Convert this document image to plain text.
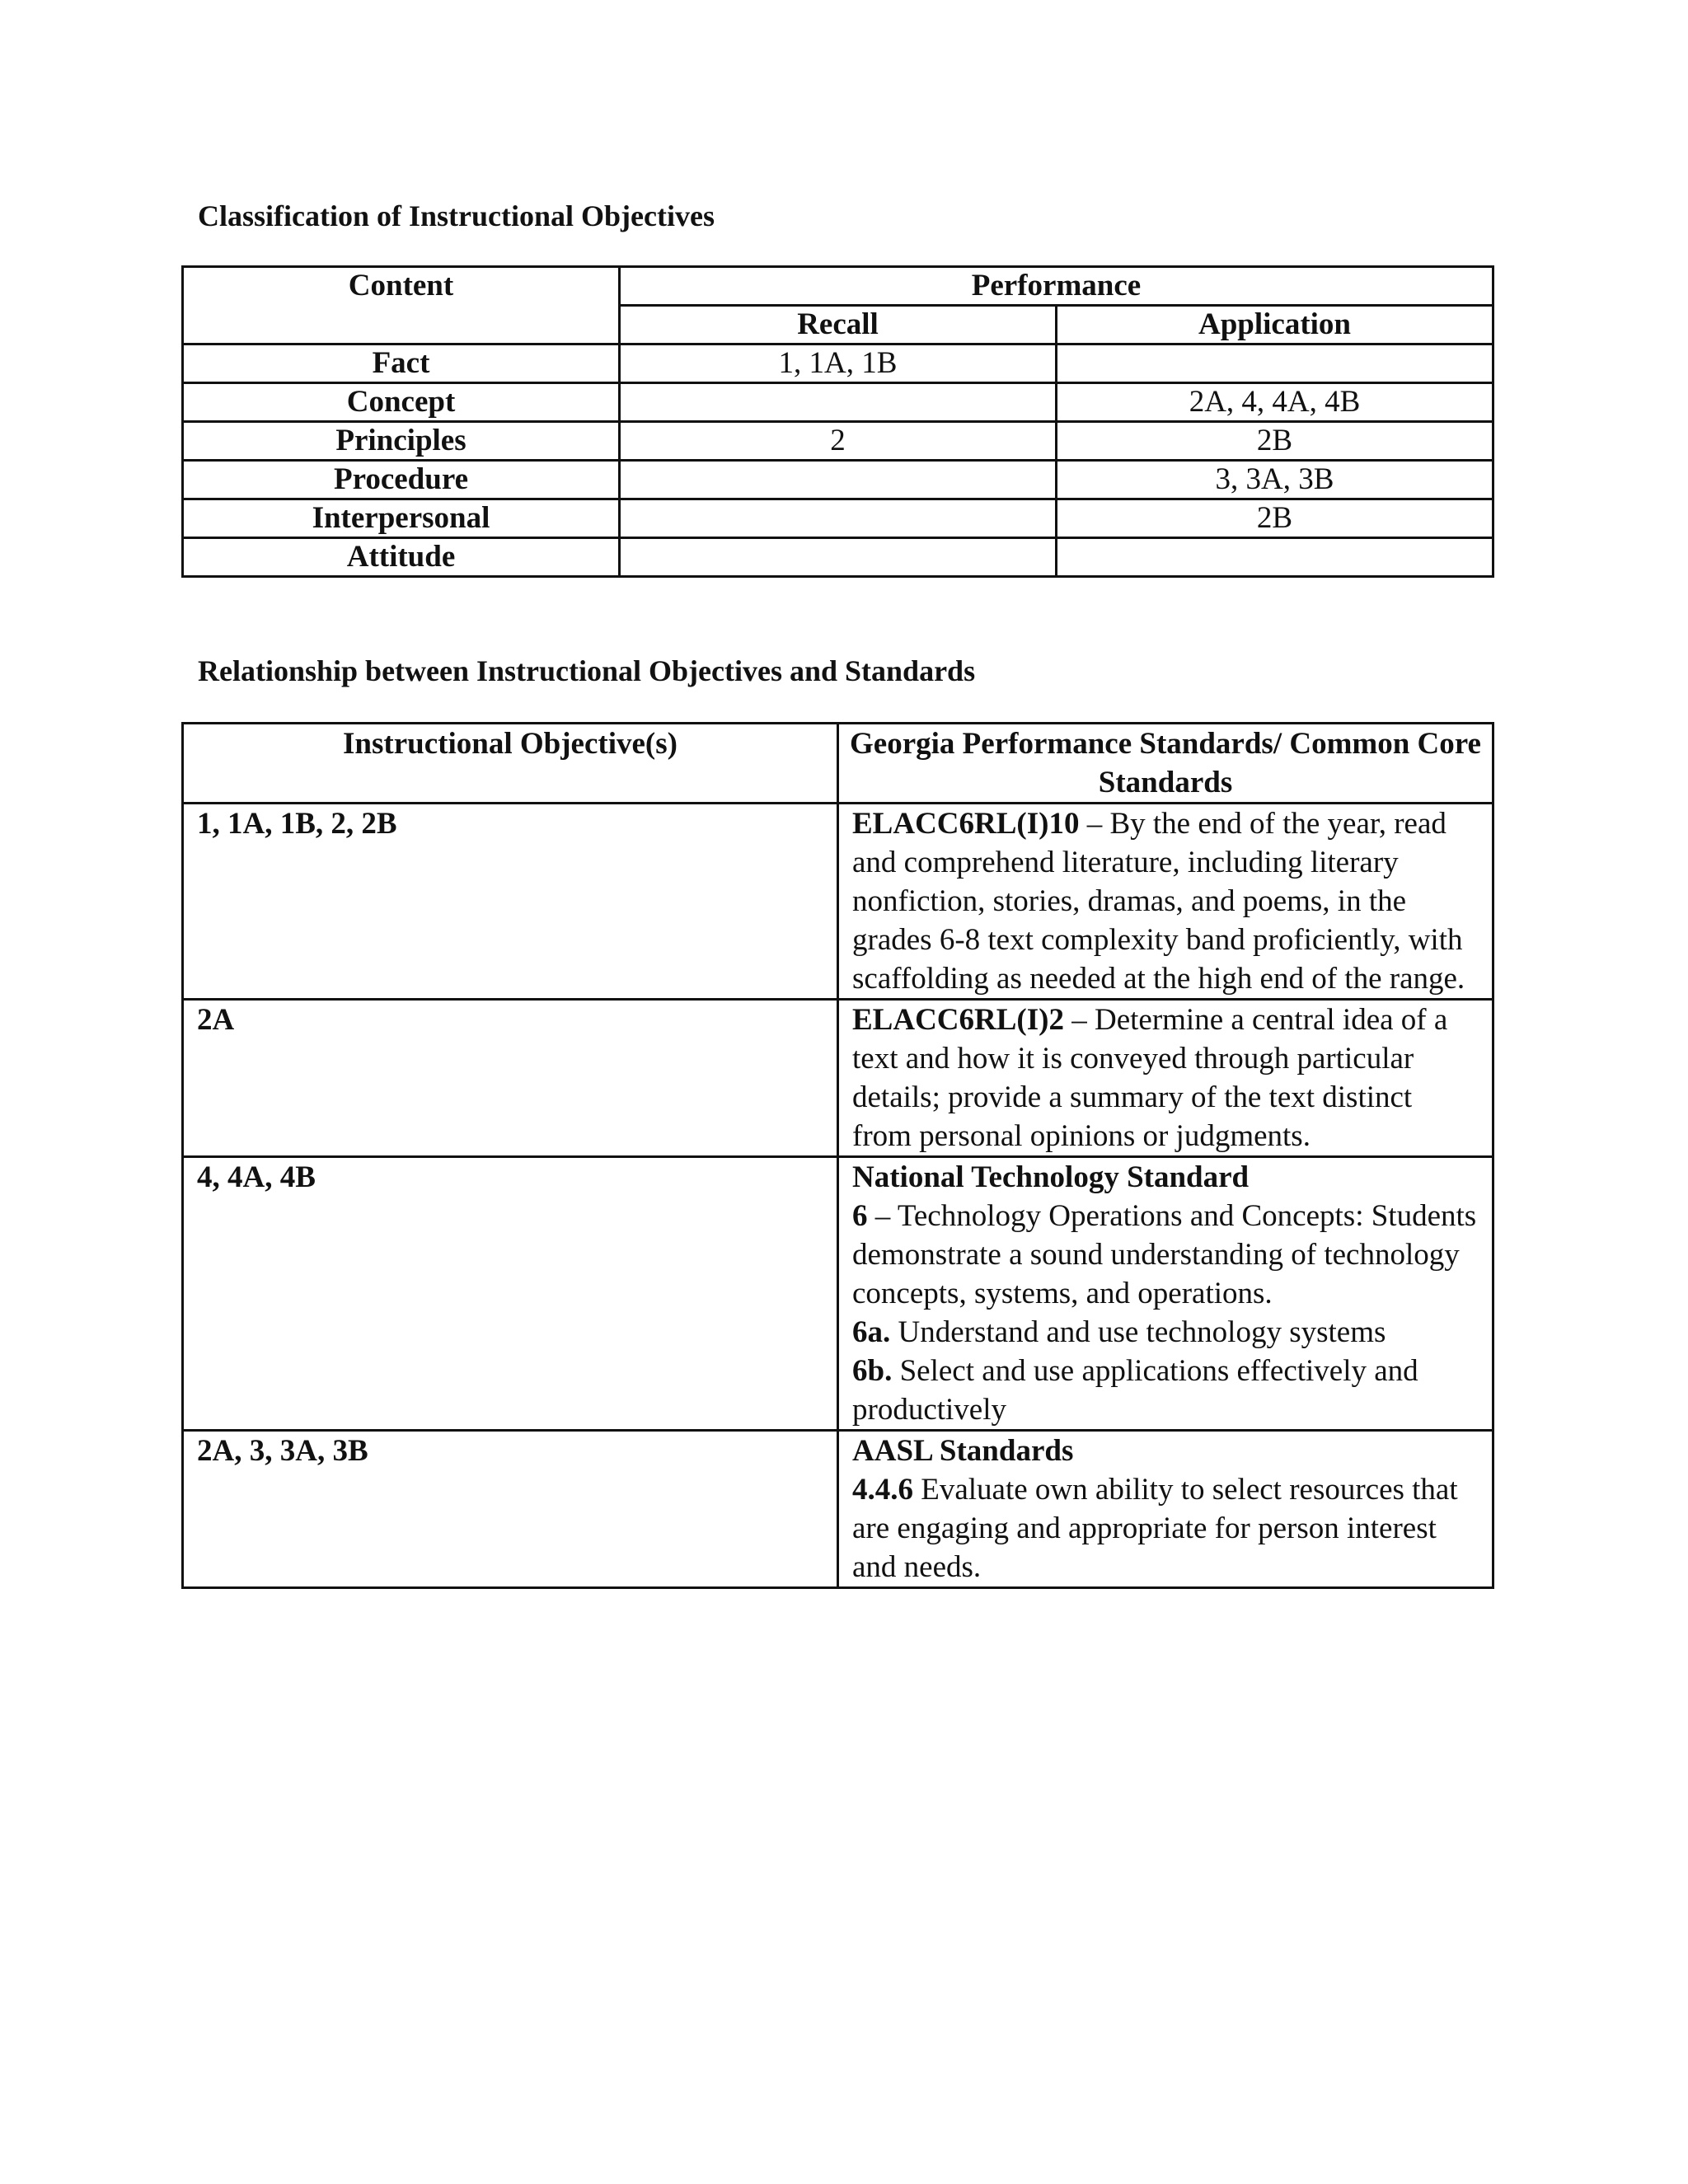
Classification of Instructional Objectives
Content	Performance	
	Recall	Application
Fact	1, 1A, 1B	
Concept		2A, 4, 4A, 4B
Principles	2	2B
Procedure		3, 3A, 3B
Interpersonal		2B
Attitude		
Relationship between Instructional Objectives and Standards
Instructional Objective(s)	Georgia Performance Standards/ Common Core Standards
1, 1A, 1B, 2, 2B	ELACC6RL(I)10 – By the end of the year, read and comprehend literature, including literary nonfiction, stories, dramas, and poems, in the grades 6-8 text complexity band proficiently, with scaffolding as needed at the high end of the range.
2A	ELACC6RL(I)2 – Determine a central idea of a text and how it is conveyed through particular details; provide a summary of the text distinct from personal opinions or judgments.
4, 4A, 4B	National Technology Standard
6 – Technology Operations and Concepts: Students demonstrate a sound understanding of technology concepts, systems, and operations.
6a. Understand and use technology systems
6b. Select and use applications effectively and productively

2A, 3, 3A, 3B	AASL Standards
4.4.6 Evaluate own ability to select resources that are engaging and appropriate for person interest and needs.
